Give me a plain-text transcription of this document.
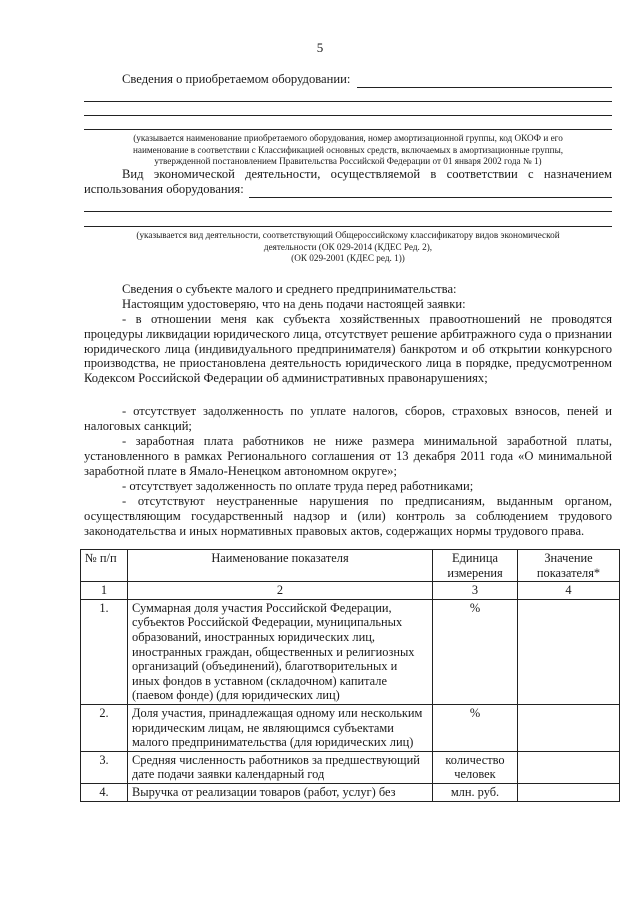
5
Сведения о приобретаемом оборудовании:
(указывается наименование приобретаемого оборудования, номер амортизационной группы, код ОКОФ и его
наименование в соответствии с Классификацией основных средств, включаемых в амортизационные группы,
утвержденной постановлением Правительства Российской Федерации от 01 января 2002 года № 1)
Вид экономической деятельности, осуществляемой в соответствии с назначением
использования оборудования:
(указывается вид деятельности, соответствующий Общероссийскому классификатору видов экономической
деятельности (ОК 029-2014 (КДЕС Ред. 2),
(ОК 029-2001 (КДЕС ред. 1))
Сведения о субъекте малого и среднего предпринимательства:
Настоящим удостоверяю, что на день подачи настоящей заявки:
- в отношении меня как субъекта хозяйственных правоотношений не проводятся процедуры ликвидации юридического лица, отсутствует решение арбитражного суда о признании юридического лица (индивидуального предпринимателя) банкротом и об открытии конкурсного производства, не приостановлена деятельность юридического лица в порядке, предусмотренном Кодексом Российской Федерации об административных правонарушениях;
- отсутствует задолженность по уплате налогов, сборов, страховых взносов, пеней и налоговых санкций;
- заработная плата работников не ниже размера минимальной заработной платы, установленного в рамках Регионального соглашения от 13 декабря 2011 года «О минимальной заработной плате в Ямало-Ненецком автономном округе»;
- отсутствует задолженность по оплате труда перед работниками;
- отсутствуют неустраненные нарушения по предписаниям, выданным органом, осуществляющим государственный надзор и (или) контроль за соблюдением трудового законодательства и иных нормативных правовых актов, содержащих нормы трудового права.
№ п/п	Наименование показателя	Единица измерения	Значение показателя*
1	2	3	4
1.	Суммарная доля участия Российской Федерации, субъектов Российской Федерации, муниципальных образований, иностранных юридических лиц, иностранных граждан, общественных и религиозных организаций (объединений), благотворительных и иных фондов в уставном (складочном) капитале (паевом фонде) (для юридических лиц)	%	
2.	Доля участия, принадлежащая одному или нескольким юридическим лицам, не являющимся субъектами малого предпринимательства (для юридических лиц)	%	
3.	Средняя численность работников за предшествующий дате подачи заявки календарный год	количество человек	
4.	Выручка от реализации товаров (работ, услуг) без	млн. руб.	
